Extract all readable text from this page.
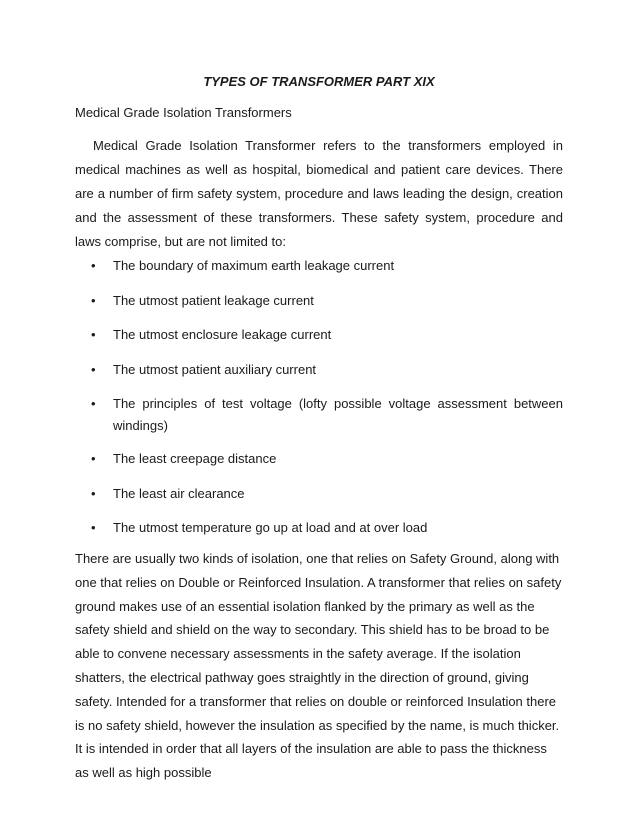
TYPES OF TRANSFORMER PART XIX

Medical Grade Isolation Transformers

Medical Grade Isolation Transformer refers to the transformers employed in medical machines as well as hospital, biomedical and patient care devices. There are a number of firm safety system, procedure and laws leading the design, creation and the assessment of these transformers. These safety system, procedure and laws comprise, but are not limited to:

• The boundary of maximum earth leakage current
• The utmost patient leakage current
• The utmost enclosure leakage current
• The utmost patient auxiliary current
• The principles of test voltage (lofty possible voltage assessment between windings)
• The least creepage distance
• The least air clearance
• The utmost temperature go up at load and at over load

There are usually two kinds of isolation, one that relies on Safety Ground, along with one that relies on Double or Reinforced Insulation. A transformer that relies on safety ground makes use of an essential isolation flanked by the primary as well as the safety shield and shield on the way to secondary. This shield has to be broad to be able to convene necessary assessments in the safety average. If the isolation shatters, the electrical pathway goes straightly in the direction of ground, giving safety. Intended for a transformer that relies on double or reinforced Insulation there is no safety shield, however the insulation as specified by the name, is much thicker. It is intended in order that all layers of the insulation are able to pass the thickness as well as high possible
